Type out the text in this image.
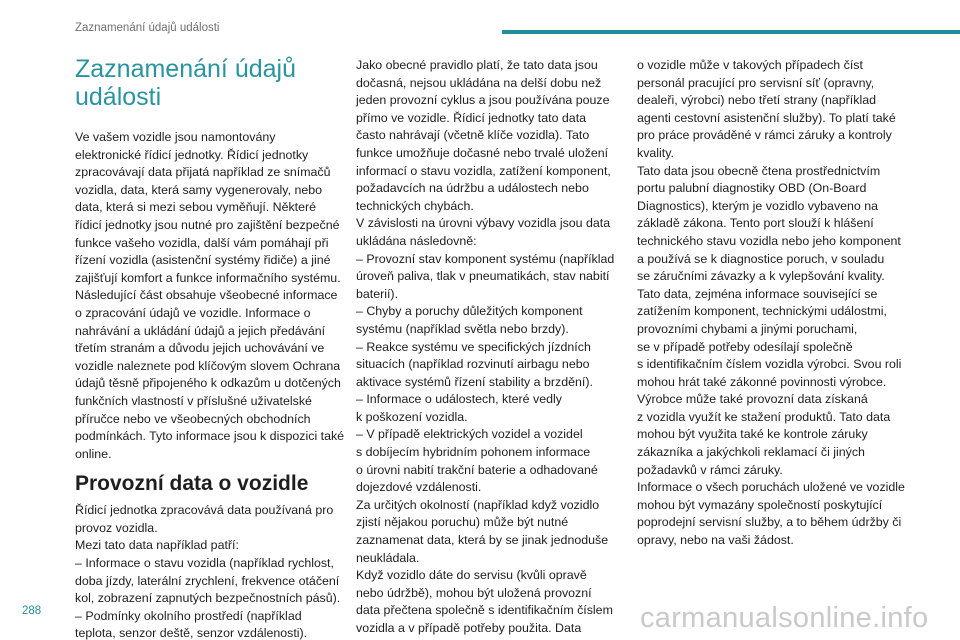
Zaznamenání údajů události
Zaznamenání údajů
události
Ve vašem vozidle jsou namontovány
elektronické řídicí jednotky. Řídicí jednotky
zpracovávají data přijatá například ze snímačů
vozidla, data, která samy vygenerovaly, nebo
data, která si mezi sebou vyměňují. Některé
řídicí jednotky jsou nutné pro zajištění bezpečné
funkce vašeho vozidla, další vám pomáhají při
řízení vozidla (asistenční systémy řidiče) a jiné
zajišťují komfort a funkce informačního systému.
Následující část obsahuje všeobecné informace
o zpracování údajů ve vozidle. Informace o
nahrávání a ukládání údajů a jejich předávání
třetím stranám a důvodu jejich uchovávání ve
vozidle naleznete pod klíčovým slovem Ochrana
údajů těsně připojeného k odkazům u dotčených
funkčních vlastností v příslušné uživatelské
příručce nebo ve všeobecných obchodních
podmínkách. Tyto informace jsou k dispozici také
online.
Provozní data o vozidle
Řídicí jednotka zpracovává data používaná pro
provoz vozidla.
Mezi tato data například patří:
– Informace o stavu vozidla (například rychlost,
doba jízdy, laterální zrychlení, frekvence otáčení
kol, zobrazení zapnutých bezpečnostních pásů).
– Podmínky okolního prostředí (například
teplota, senzor deště, senzor vzdálenosti).
Jako obecné pravidlo platí, že tato data jsou
dočasná, nejsou ukládána na delší dobu než
jeden provozní cyklus a jsou používána pouze
přímo ve vozidle. Řídicí jednotky tato data
často nahrávají (včetně klíče vozidla). Tato
funkce umožňuje dočasné nebo trvalé uložení
informací o stavu vozidla, zatížení komponent,
požadavcích na údržbu a událostech nebo
technických chybách.
V závislosti na úrovni výbavy vozidla jsou data
ukládána následovně:
– Provozní stav komponent systému (například
úroveň paliva, tlak v pneumatikách, stav nabití
baterií).
– Chyby a poruchy důležitých komponent
systému (například světla nebo brzdy).
– Reakce systému ve specifických jízdních
situacích (například rozvinutí airbagu nebo
aktivace systémů řízení stability a brzdění).
– Informace o událostech, které vedly
k poškození vozidla.
– V případě elektrických vozidel a vozidel
s dobíjecím hybridním pohonem informace
o úrovni nabití trakční baterie a odhadované
dojezdové vzdálenosti.
Za určitých okolností (například když vozidlo
zjistí nějakou poruchu) může být nutné
zaznamenat data, která by se jinak jednoduše
neukládala.
Když vozidlo dáte do servisu (kvůli opravě
nebo údržbě), mohou být uložená provozní
data přečtena společně s identifikačním číslem
vozidla a v případě potřeby použita. Data
o vozidle může v takových případech číst
personál pracující pro servisní síť (opravny,
dealeři, výrobci) nebo třetí strany (například
agenti cestovní asistenční služby). To platí také
pro práce prováděné v rámci záruky a kontroly
kvality.
Tato data jsou obecně čtena prostřednictvím
portu palubní diagnostiky OBD (On-Board
Diagnostics), kterým je vozidlo vybaveno na
základě zákona. Tento port slouží k hlášení
technického stavu vozidla nebo jeho komponent
a používá se k diagnostice poruch, v souladu
se záručními závazky a k vylepšování kvality.
Tato data, zejména informace související se
zatížením komponent, technickými událostmi,
provozními chybami a jinými poruchami,
se v případě potřeby odesílají společně
s identifikačním číslem vozidla výrobci. Svou roli
mohou hrát také zákonné povinnosti výrobce.
Výrobce může také provozní data získaná
z vozidla využít ke stažení produktů. Tato data
mohou být využita také ke kontrole záruky
zákazníka a jakýchkoli reklamací či jiných
požadavků v rámci záruky.
Informace o všech poruchách uložené ve vozidle
mohou být vymazány společností poskytující
poprodejní servisní služby, a to během údržby či
opravy, nebo na vaši žádost.
288	carmanualsonline.info
